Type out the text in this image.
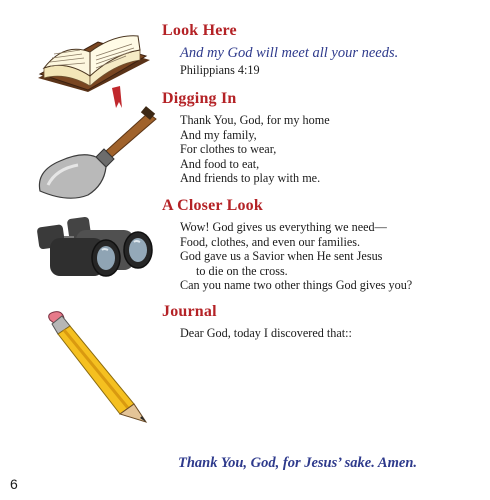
Look Here
And my God will meet all your needs.
Philippians 4:19
Digging In
Thank You, God, for my home
And my family,
For clothes to wear,
And food to eat,
And friends to play with me.
A Closer Look
Wow! God gives us everything we need—
Food, clothes, and even our families.
God gave us a Savior when He sent Jesus
to die on the cross.
Can you name two other things God gives you?
Journal
Dear God, today I discovered that::
Thank You, God, for Jesus’ sake. Amen.
6
